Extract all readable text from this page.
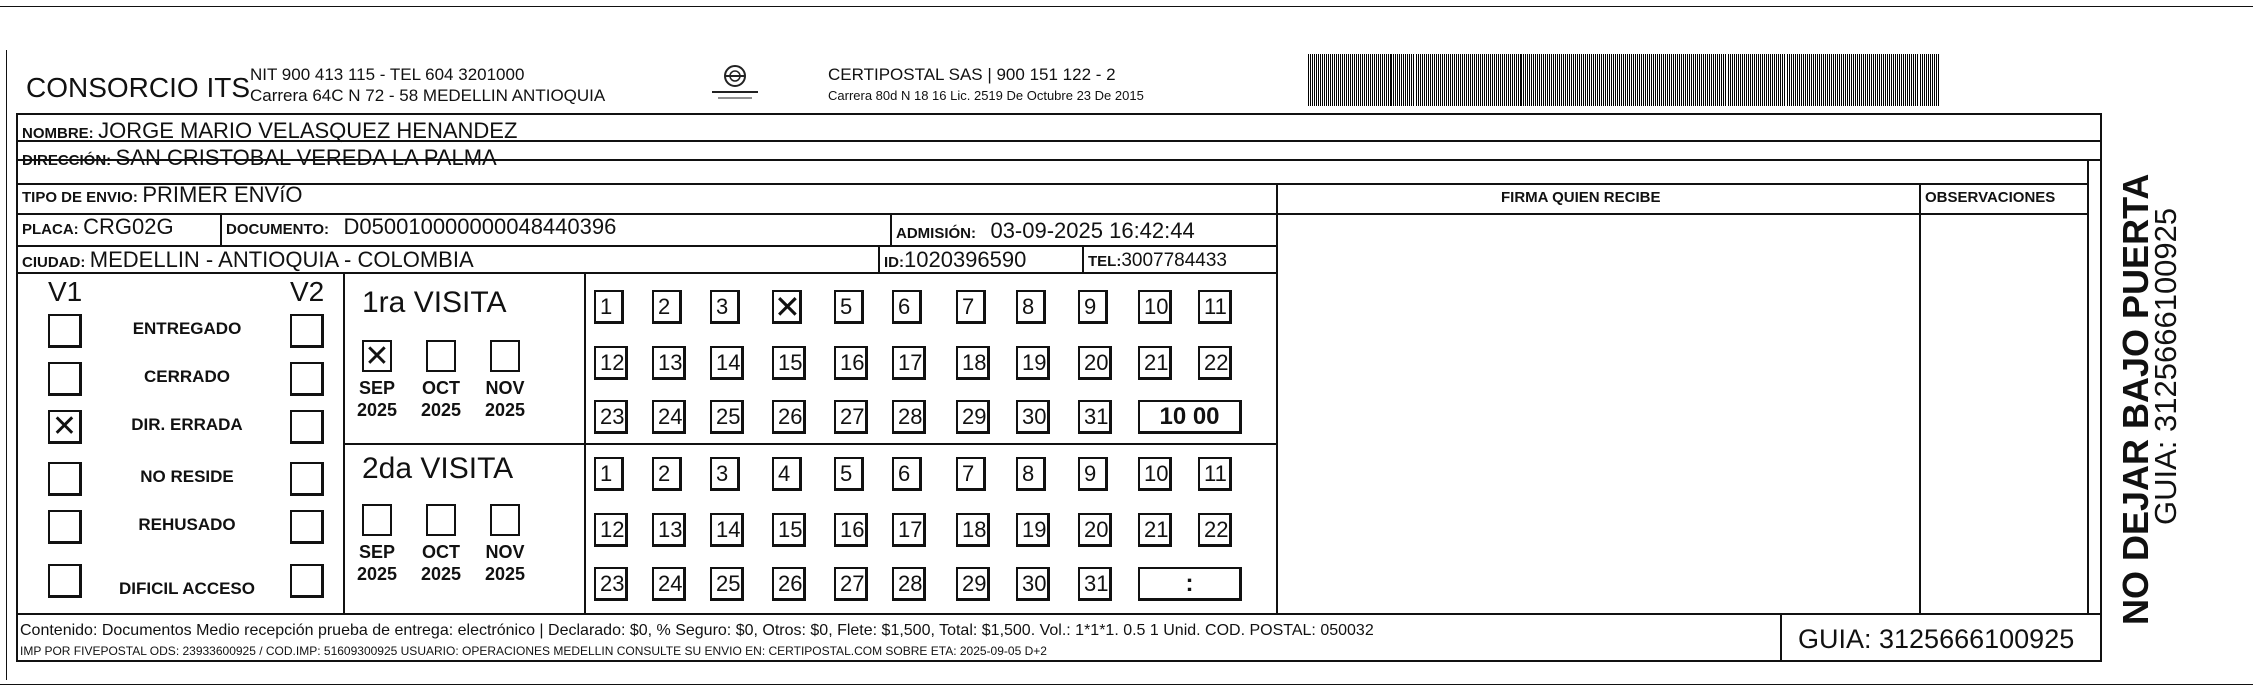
CONSORCIO ITS NIT 900 413 115 - TEL 604 3201000
Carrera 64C N 72 - 58 MEDELLIN ANTIOQUIA
CERTIPOSTAL SAS | 900 151 122 - 2
Carrera 80d N 18 16 Lic. 2519 De Octubre 23 De 2015
NOMBRE: JORGE MARIO VELASQUEZ HENANDEZ
DIRECCIÓN: SAN CRISTOBAL VEREDA LA PALMA
TIPO DE ENVIO: PRIMER ENVíO	FIRMA QUIEN RECIBE	OBSERVACIONES
PLACA: CRG02G	DOCUMENTO: D050010000000048440396	ADMISIÓN: 03-09-2025 16:42:44
CIUDAD: MEDELLIN - ANTIOQUIA - COLOMBIA	ID:1020396590	TEL:3007784433
V1	V2
ENTREGADO
CERRADO
✕	DIR. ERRADA
NO RESIDE
REHUSADO
DIFICIL ACCESO
1ra VISITA
✕
SEP
2025
OCT
2025
NOV
2025
1	2	3	✕ 5	6	7	8	9	10 11
12 13 14 15 16 17 18 19 20 21 22
23 24 25 26 27 28 29 30 31	10 00
2da VISITA
SEP
2025
OCT
2025
NOV
2025
1	2	3	4	5	6	7	8	9	10 11
12 13 14 15 16 17 18 19 20 21 22
23 24 25 26 27 28 29 30 31	:
Contenido: Documentos Medio recepción prueba de entrega: electrónico | Declarado: $0, % Seguro: $0, Otros: $0, Flete: $1,500, Total: $1,500. Vol.: 1*1*1. 0.5 1 Unid. COD. POSTAL: 050032
IMP POR FIVEPOSTAL ODS: 23933600925 / COD.IMP: 51609300925 USUARIO: OPERACIONES MEDELLIN CONSULTE SU ENVIO EN: CERTIPOSTAL.COM SOBRE ETA: 2025-09-05 D+2	GUIA: 3125666100925
NO DEJAR BAJO PUERTA
GUIA: 3125666100925
